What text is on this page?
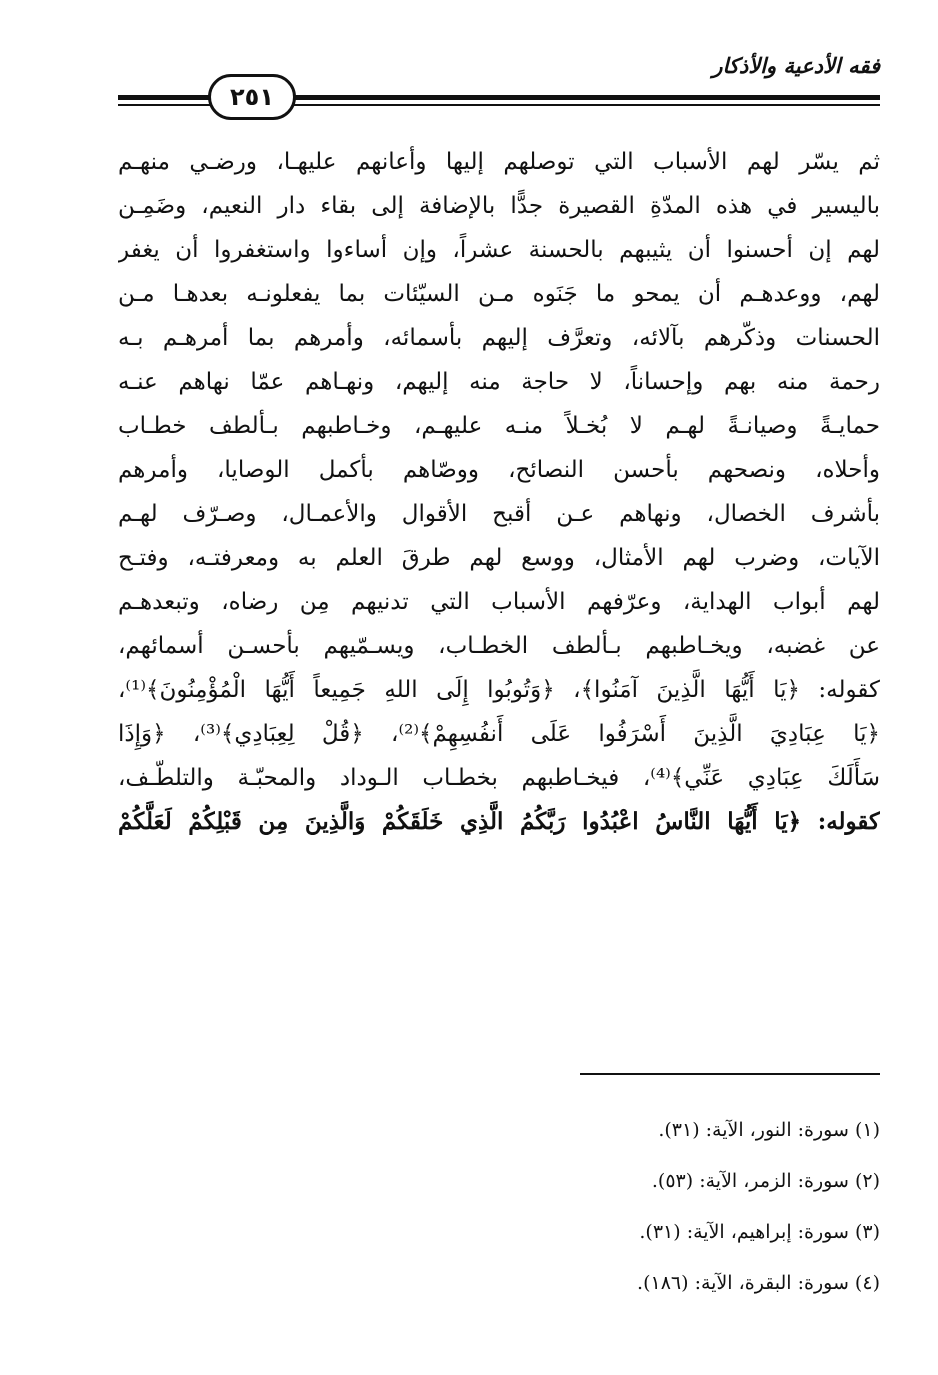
فقه الأدعية والأذكار
٢٥١
ثم يسّر لهم الأسباب التي توصلهم إليها وأعانهم عليهـا، ورضـي منهـم
باليسير في هذه المدّةِ القصيرة جدًّا بالإضافة إلى بقاء دار النعيم، وضَمِـن
لهم إن أحسنوا أن يثيبهم بالحسنة عشراً، وإن أساءوا واستغفروا أن يغفر
لهم، ووعدهـم أن يمحو ما جَنَوه مـن السيّئات بما يفعلونـه بعدهـا مـن
الحسنات وذكّرهم بآلائه، وتعرَّف إليهم بأسمائه، وأمرهم بما أمرهـم بـه
رحمة منه بهم وإحساناً، لا حاجة منه إليهم، ونهـاهم عمّا نهاهم عنـه
حمايـةً وصيانـةً لهـم لا بُخـلاً منـه عليهـم، وخـاطبهم بـألطف خطـاب
وأحلاه، ونصحهم بأحسن النصائح، ووصّاهم بأكمل الوصايا، وأمرهم
بأشرف الخصال، ونهاهم عـن أقبح الأقوال والأعمـال، وصـرّف لهـم
الآيات، وضرب لهم الأمثال، ووسع لهم طرقَ العلم به ومعرفتـه، وفتـح
لهم أبواب الهداية، وعرّفهم الأسباب التي تدنيهم مِن رضاه، وتبعدهـم
عن غضبه، ويخـاطبهم بـألطف الخطـاب، ويسـمّيهم بأحسـن أسمائهم،
كقوله: ﴿يَا أَيُّهَا الَّذِينَ آمَنُوا﴾، ﴿وَتُوبُوا إِلَى اللهِ جَمِيعاً أَيُّهَا الْمُؤْمِنُونَ﴾⁽¹⁾،
﴿يَا عِبَادِيَ الَّذِينَ أَسْرَفُوا عَلَى أَنفُسِهِمْ﴾⁽²⁾، ﴿قُلْ لِعِبَادِي﴾⁽³⁾، ﴿وَإِذَا
سَأَلَكَ عِبَادِي عَنِّي﴾⁽⁴⁾، فيخـاطبهم بخطـاب الـوداد والمحبّـة والتلطّـف،
كقوله: ﴿يَا أَيُّهَا النَّاسُ اعْبُدُوا رَبَّكُمُ الَّذِي خَلَقَكُمْ وَالَّذِينَ مِن قَبْلِكُمْ لَعَلَّكُمْ
(١) سورة: النور، الآية: (٣١).
(٢) سورة: الزمر، الآية: (٥٣).
(٣) سورة: إبراهيم، الآية: (٣١).
(٤) سورة: البقرة، الآية: (١٨٦).
